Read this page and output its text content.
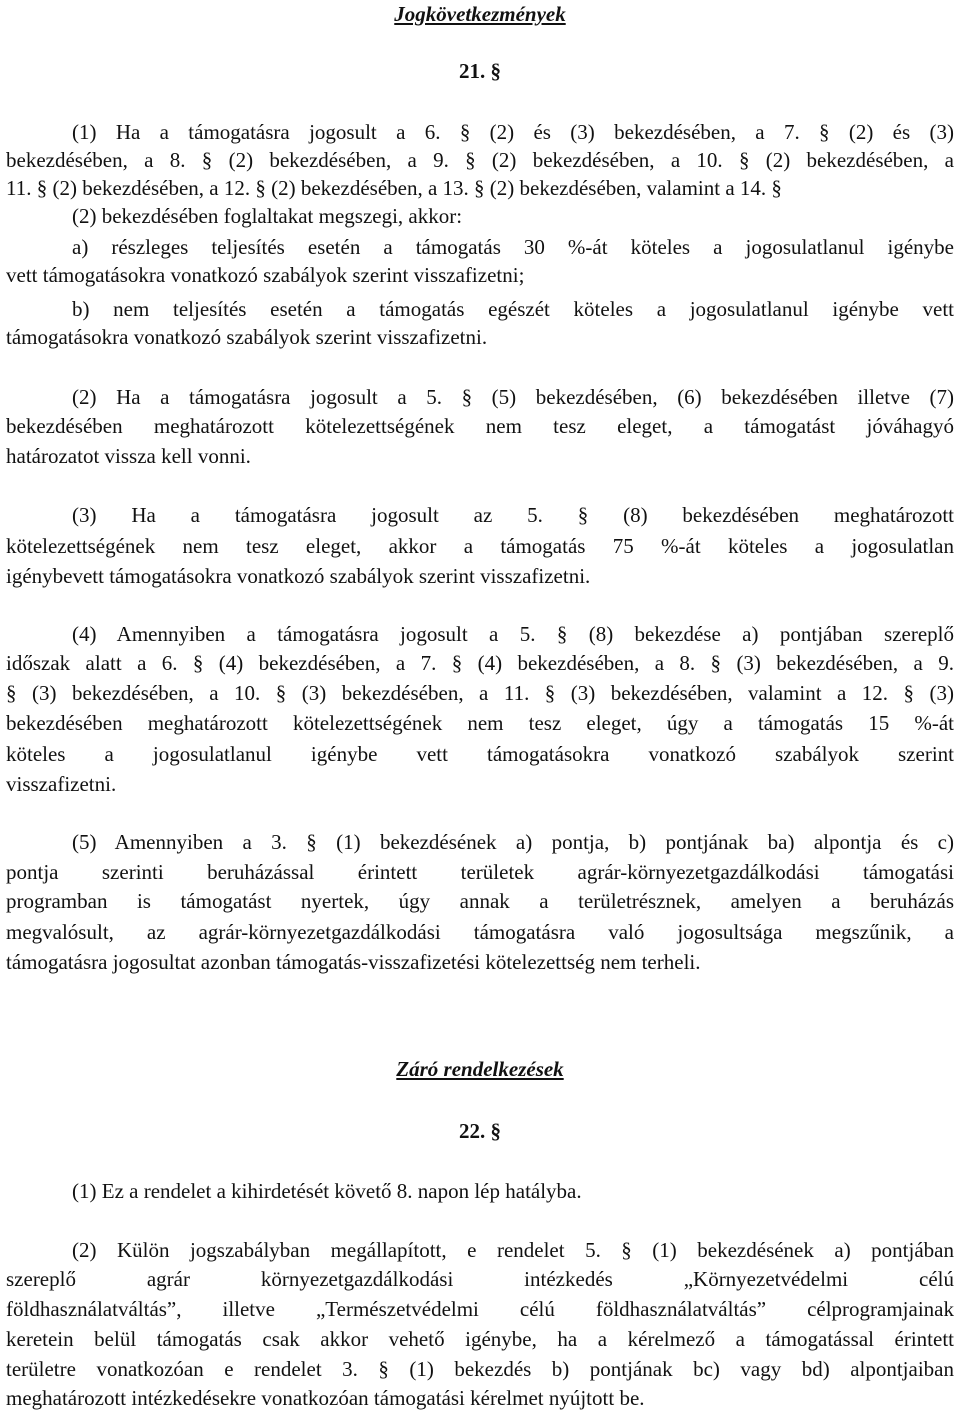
Jogkövetkezmények
21. §
(1) Ha a támogatásra jogosult a 6. § (2) és (3) bekezdésében, a 7. § (2) és (3)
bekezdésében, a 8. § (2) bekezdésében, a 9. § (2) bekezdésében, a 10. § (2) bekezdésében, a
11. § (2) bekezdésében, a 12. § (2) bekezdésében, a 13. § (2) bekezdésében, valamint a 14. §
(2) bekezdésében foglaltakat megszegi, akkor:
a) részleges teljesítés esetén a támogatás 30 %-át köteles a jogosulatlanul igénybe
vett támogatásokra vonatkozó szabályok szerint visszafizetni;
b) nem teljesítés esetén a támogatás egészét köteles a jogosulatlanul igénybe vett
támogatásokra vonatkozó szabályok szerint visszafizetni.
(2) Ha a támogatásra jogosult a 5. § (5) bekezdésében, (6) bekezdésében illetve (7)
bekezdésében meghatározott kötelezettségének nem tesz eleget, a támogatást jóváhagyó
határozatot vissza kell vonni.
(3) Ha a támogatásra jogosult az 5. § (8) bekezdésében meghatározott
kötelezettségének nem tesz eleget, akkor a támogatás 75 %-át köteles a jogosulatlan
igénybevett támogatásokra vonatkozó szabályok szerint visszafizetni.
(4) Amennyiben a támogatásra jogosult a 5. § (8) bekezdése a) pontjában szereplő
időszak alatt a 6. § (4) bekezdésében, a 7. § (4) bekezdésében, a 8. § (3) bekezdésében, a 9.
§ (3) bekezdésében, a 10. § (3) bekezdésében, a 11. § (3) bekezdésében, valamint a 12. § (3)
bekezdésében meghatározott kötelezettségének nem tesz eleget, úgy a támogatás 15 %-át
köteles a jogosulatlanul igénybe vett támogatásokra vonatkozó szabályok szerint
visszafizetni.
(5) Amennyiben a 3. § (1) bekezdésének a) pontja, b) pontjának ba) alpontja és c)
pontja szerinti beruházással érintett területek agrár-környezetgazdálkodási támogatási
programban is támogatást nyertek, úgy annak a területrésznek, amelyen a beruházás
megvalósult, az agrár-környezetgazdálkodási támogatásra való jogosultsága megszűnik, a
támogatásra jogosultat azonban támogatás-visszafizetési kötelezettség nem terheli.
Záró rendelkezések
22. §
(1) Ez a rendelet a kihirdetését követő 8. napon lép hatályba.
(2) Külön jogszabályban megállapított, e rendelet 5. § (1) bekezdésének a) pontjában
szereplő agrár környezetgazdálkodási intézkedés „Környezetvédelmi célú
földhasználatváltás”, illetve „Természetvédelmi célú földhasználatváltás” célprogramjainak
keretein belül támogatás csak akkor vehető igénybe, ha a kérelmező a támogatással érintett
területre vonatkozóan e rendelet 3. § (1) bekezdés b) pontjának bc) vagy bd) alpontjaiban
meghatározott intézkedésekre vonatkozóan támogatási kérelmet nyújtott be.
